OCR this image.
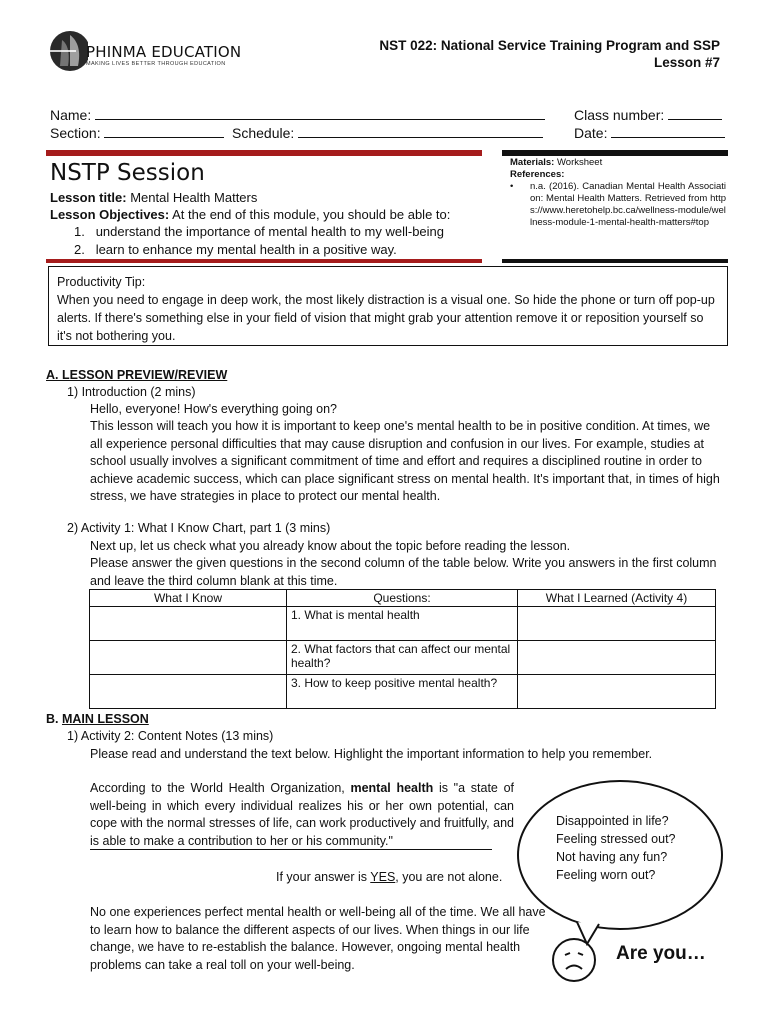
PHINMA EDUCATION
MAKING LIVES BETTER THROUGH EDUCATION
NST 022: National Service Training Program and SSP
Lesson #7
Name:
Section:	Schedule:
Class number:
Date:
NSTP Session
Lesson title: Mental Health Matters
Lesson Objectives: At the end of this module, you should be able to:
1.   understand the importance of mental health to my well-being
2.   learn to enhance my mental health in a positive way.
Materials: Worksheet
References:
•	n.a. (2016). Canadian Mental Health Association: Mental Health Matters. Retrieved from https://www.heretohelp.bc.ca/wellness-module/wellness-module-1-mental-health-matters#top
Productivity Tip:
When you need to engage in deep work, the most likely distraction is a visual one. So hide the phone or turn off pop-up alerts. If there's something else in your field of vision that might grab your attention remove it or reposition yourself so it's not bothering you.
A. LESSON PREVIEW/REVIEW
1) Introduction (2 mins)
Hello, everyone! How's everything going on?
This lesson will teach you how it is important to keep one's mental health to be in positive condition. At times, we all experience personal difficulties that may cause disruption and confusion in our lives. For example, studies at school usually involves a significant commitment of time and effort and requires a disciplined routine in order to achieve academic success, which can place significant stress on mental health. It's important that, in times of high stress, we have strategies in place to protect our mental health.
2) Activity 1: What I Know Chart, part 1 (3 mins)
Next up, let us check what you already know about the topic before reading the lesson.
Please answer the given questions in the second column of the table below. Write you answers in the first column and leave the third column blank at this time.
What I Know	Questions:	What I Learned (Activity 4)
	1. What is mental health	
	2. What factors that can affect our mental health?	
	3. How to keep positive mental health?	
B. MAIN LESSON
1) Activity 2: Content Notes (13 mins)
Please read and understand the text below. Highlight the important information to help you remember.
According to the World Health Organization, mental health is "a state of well-being in which every individual realizes his or her own potential, can cope with the normal stresses of life, can work productively and fruitfully, and is able to make a contribution to her or his community."
If your answer is YES, you are not alone.
No one experiences perfect mental health or well-being all of the time. We all have to learn how to balance the different aspects of our lives. When things in our life change, we have to re-establish the balance. However, ongoing mental health problems can take a real toll on your well-being.
Disappointed in life?
Feeling stressed out?
Not having any fun?
Feeling worn out?
Are you…
